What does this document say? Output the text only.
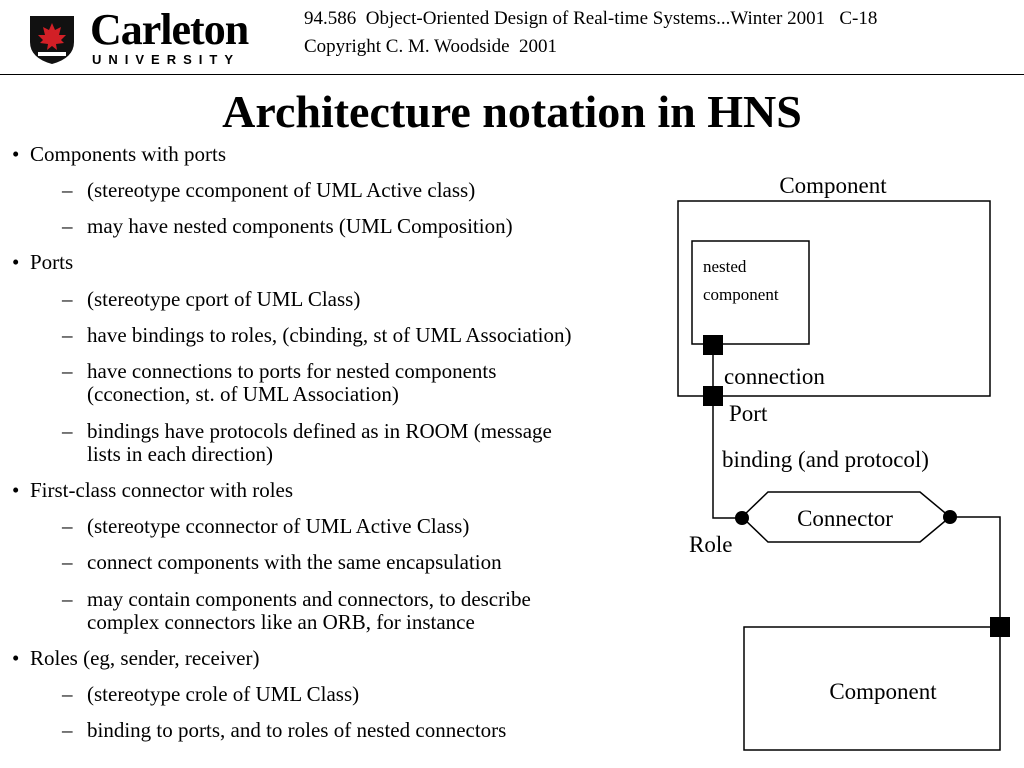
Carleton
UNIVERSITY
94.586  Object-Oriented Design of Real-time Systems...Winter 2001   C-18
Copyright C. M. Woodside  2001
Architecture notation in HNS
• Components with ports
– (stereotype ccomponent of UML Active class)
– may have nested components (UML Composition)
• Ports
– (stereotype cport of UML Class)
– have bindings to roles, (cbinding, st of UML Association)
– have connections to ports for nested components
(cconection, st. of UML Association)
– bindings have protocols defined as in ROOM (message
lists in each direction)
• First-class connector with roles
– (stereotype cconnector of UML Active Class)
– connect components with the same encapsulation
– may contain components and connectors, to describe
complex connectors like an ORB, for instance
• Roles (eg, sender, receiver)
– (stereotype crole of UML Class)
– binding to ports, and to roles of nested connectors
Component
nested
component
connection
Port
binding (and protocol)
Connector
Role
Component
